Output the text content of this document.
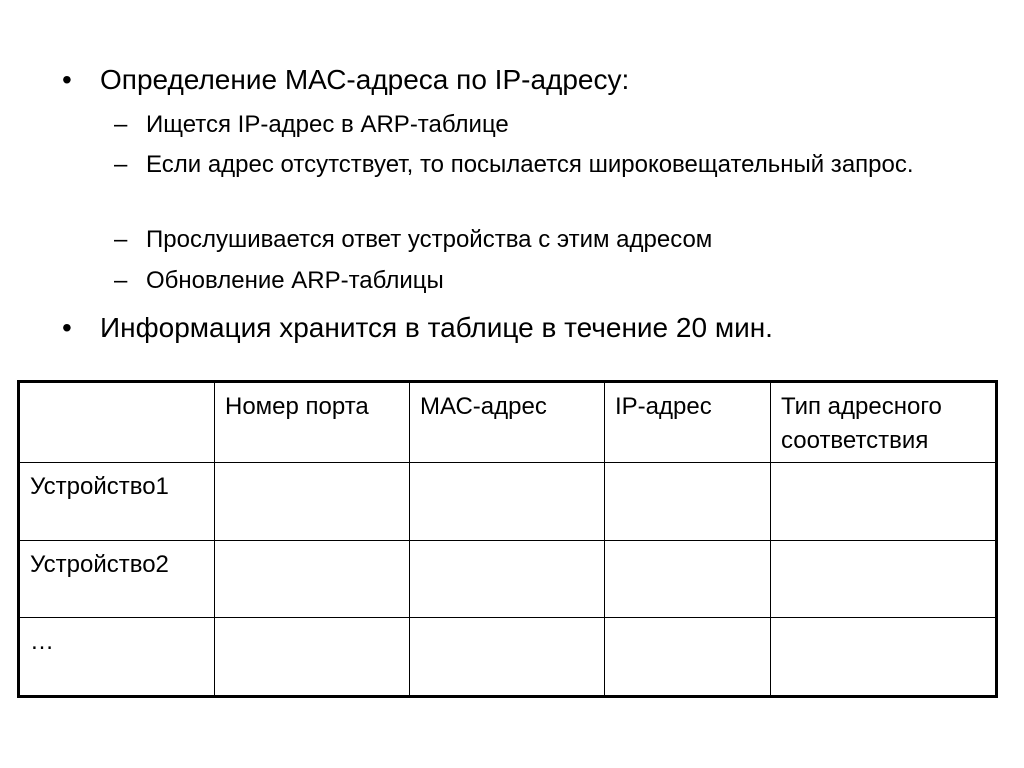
• Определение МАС-адреса по IP-адресу:
– Ищется IP-адрес в ARP-таблице
– Если адрес отсутствует, то посылается широковещательный запрос.
– Прослушивается ответ устройства с этим адресом
– Обновление ARP-таблицы
• Информация хранится в таблице в течение 20 мин.
	Номер порта	МАС-адрес	IP-адрес	Тип адресного соответствия
Устройство1				
Устройство2				
…				
